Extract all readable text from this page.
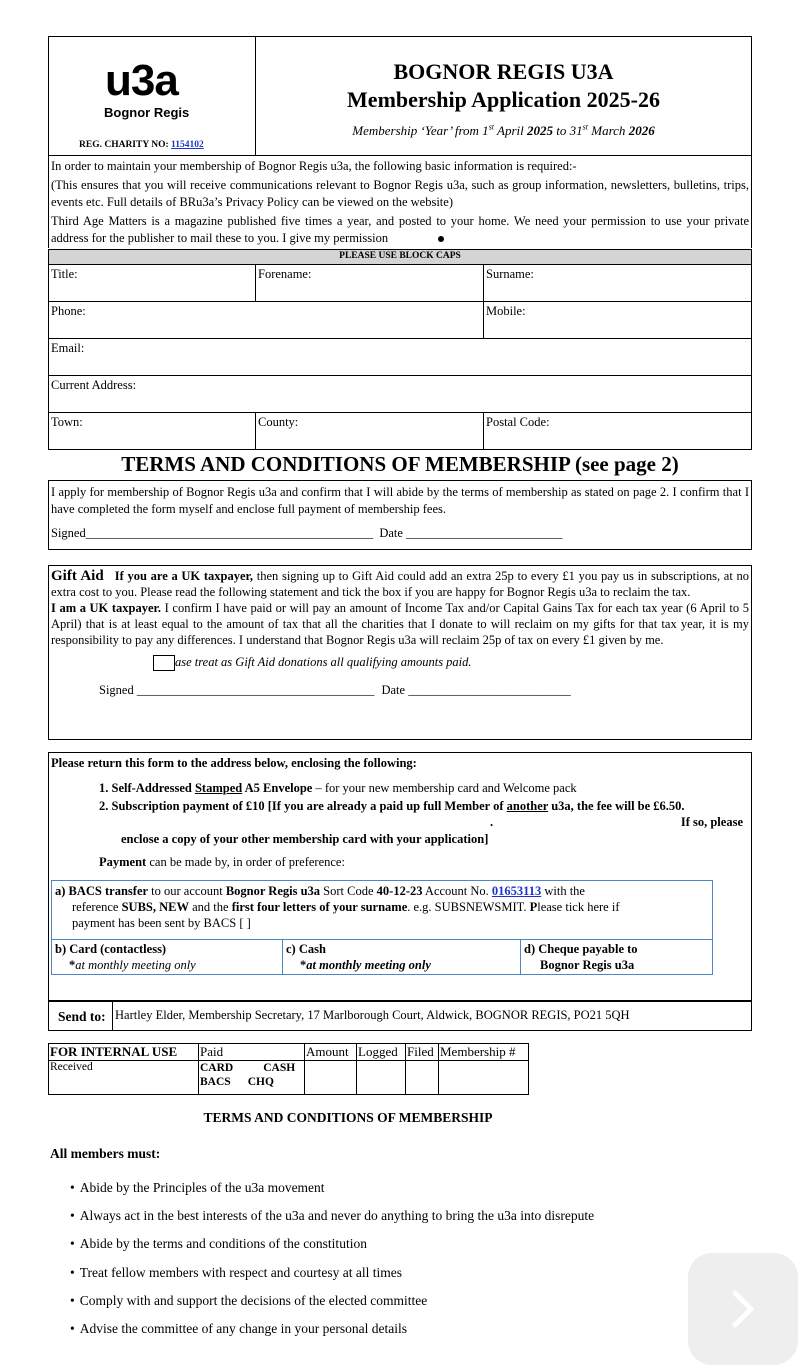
u3a
Bognor Regis
REG. CHARITY NO: 1154102
BOGNOR REGIS U3A
Membership Application 2025-26
Membership ‘Year’ from 1st April 2025 to 31st March 2026

In order to maintain your membership of Bognor Regis u3a, the following basic information is required:-

(This ensures that you will receive communications relevant to Bognor Regis u3a, such as group information, newsletters, bulletins, trips, events etc. Full details of BRu3a’s Privacy Policy can be viewed on the website)

Third Age Matters is a magazine published five times a year, and posted to your home. We need your permission to use your private address for the publisher to mail these to you. I give my permission

PLEASE USE BLOCK CAPS
Title:	Forename:	Surname:
Phone:	Mobile:
Email:
Current Address:
Town:	County:	Postal Code:
TERMS AND CONDITIONS OF MEMBERSHIP (see page 2)
I apply for membership of Bognor Regis u3a and confirm that I will abide by the terms of membership as stated on page 2. I confirm that I have completed the form myself and enclose full payment of membership fees.
Signed______________________________________________ Date _________________________
Gift Aid If you are a UK taxpayer, then signing up to Gift Aid could add an extra 25p to every £1 you pay us in subscriptions, at no extra cost to you. Please read the following statement and tick the box if you are happy for Bognor Regis u3a to reclaim the tax.
I am a UK taxpayer. I confirm I have paid or will pay an amount of Income Tax and/or Capital Gains Tax for each tax year (6 April to 5 April) that is at least equal to the amount of tax that all the charities that I donate to will reclaim on my gifts for that tax year, it is my responsibility to pay any differences. I understand that Bognor Regis u3a will reclaim 25p of tax on every £1 given by me.
ase treat as Gift Aid donations all qualifying amounts paid.
Signed ______________________________________ Date __________________________
Please return this form to the address below, enclosing the following:
1. Self-Addressed Stamped A5 Envelope – for your new membership card and Welcome pack
2. Subscription payment of £10 [If you are already a paid up full Member of another u3a, the fee will be £6.50.
.	If so, please
enclose a copy of your other membership card with your application]
Payment can be made by, in order of preference:
a) BACS transfer to our account Bognor Regis u3a Sort Code 40-12-23 Account No. 01653113 with the
reference SUBS, NEW and the first four letters of your surname. e.g. SUBSNEWSMIT. Please tick here if
payment has been sent by BACS [ ]
b) Card (contactless)
*at monthly meeting only
c) Cash
*at monthly meeting only
d) Cheque payable to
Bognor Regis u3a
Send to: Hartley Elder, Membership Secretary, 17 Marlborough Court, Aldwick, BOGNOR REGIS, PO21 5QH
FOR INTERNAL USE	Paid	Amount	Logged	Filed	Membership #
Received	CARD CASH
BACS CHQ				

TERMS AND CONDITIONS OF MEMBERSHIP
All members must:
• Abide by the Principles of the u3a movement
• Always act in the best interests of the u3a and never do anything to bring the u3a into disrepute
• Abide by the terms and conditions of the constitution
• Treat fellow members with respect and courtesy at all times
• Comply with and support the decisions of the elected committee
• Advise the committee of any change in your personal details
